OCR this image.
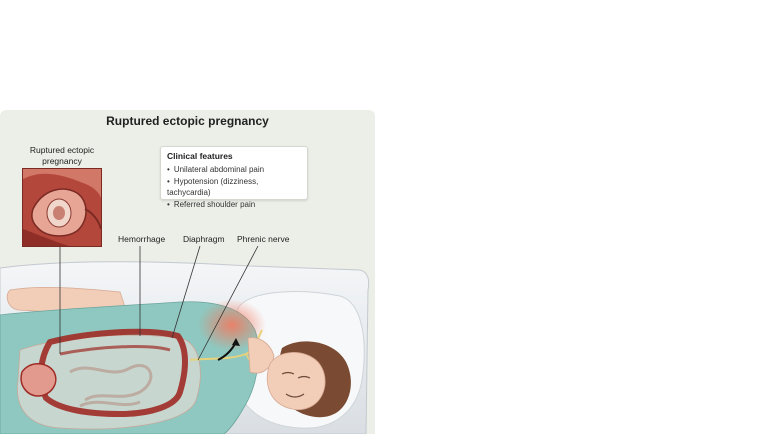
Ruptured ectopic pregnancy
Ruptured ectopic
pregnancy	Clinical features
• Unilateral abdominal pain
• Hypotension (dizziness, tachycardia)
• Referred shoulder pain
Hemorrhage Diaphragm Phrenic nerve
